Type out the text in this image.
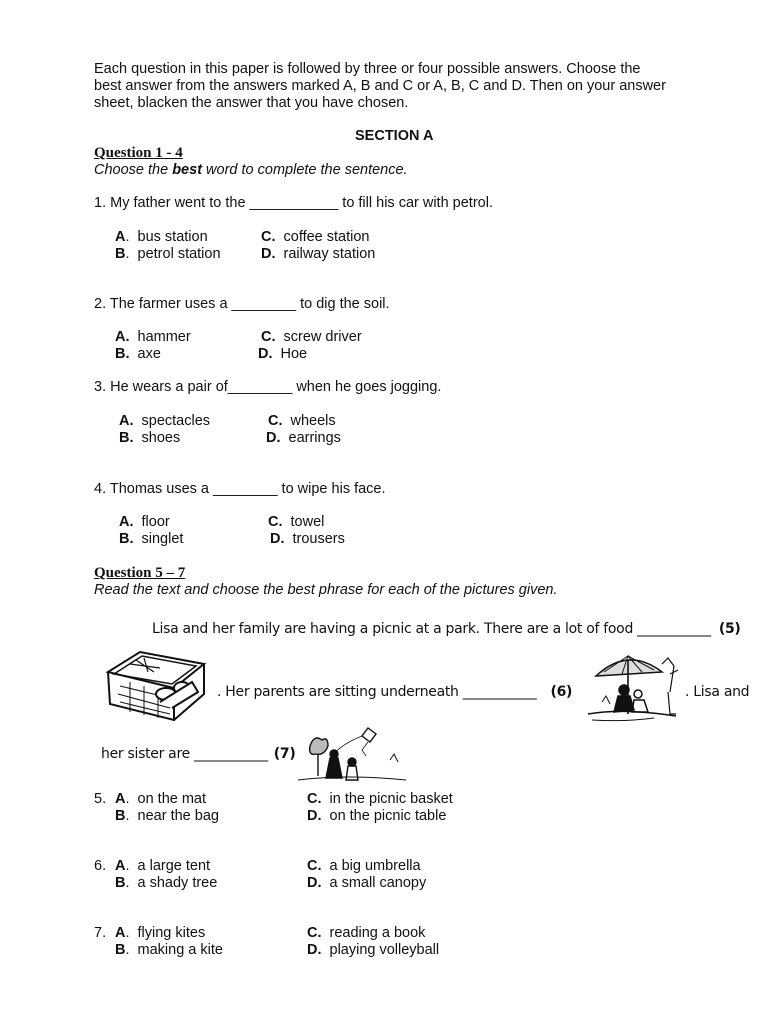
Each question in this paper is followed by three or four possible answers. Choose the
best answer from the answers marked A, B and C or A, B, C and D. Then on your answer
sheet, blacken the answer that you have chosen.
SECTION A
Question 1 - 4
Choose the best word to complete the sentence.
1. My father went to the ___________ to fill his car with petrol.
A. bus station
B. petrol station
C. coffee station
D. railway station
2. The farmer uses a ________ to dig the soil.
A. hammer
B. axe
C. screw driver
D. Hoe
3. He wears a pair of________ when he goes jogging.
A. spectacles
B. shoes
C. wheels
D. earrings
4. Thomas uses a ________ to wipe his face.
A. floor
B. singlet
C. towel
D. trousers
Question 5 – 7
Read the text and choose the best phrase for each of the pictures given.
Lisa and her family are having a picnic at a park. There are a lot of food ___________ (5)
. Her parents are sitting underneath ___________ (6)	. Lisa and
her sister are ___________ (7)
5. A. on the mat
B. near the bag
C. in the picnic basket
D. on the picnic table
6. A. a large tent
B. a shady tree
C. a big umbrella
D. a small canopy
7. A. flying kites
B. making a kite
C. reading a book
D. playing volleyball
